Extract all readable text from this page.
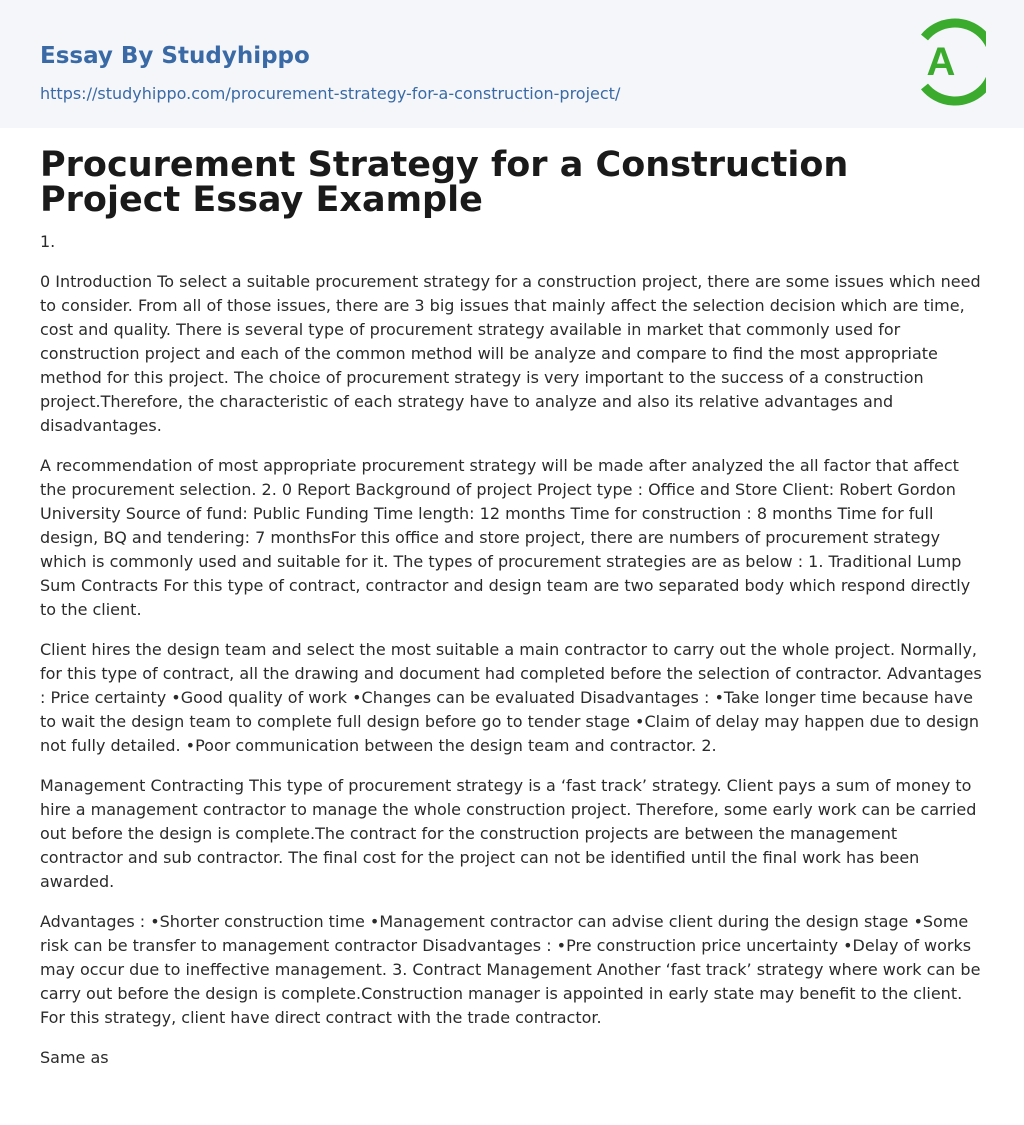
Essay By Studyhippo
https://studyhippo.com/procurement-strategy-for-a-construction-project/
A
Procurement Strategy for a Construction Project Essay Example

1.

0 Introduction To select a suitable procurement strategy for a construction project, there are some issues which need to consider. From all of those issues, there are 3 big issues that mainly affect the selection decision which are time, cost and quality. There is several type of procurement strategy available in market that commonly used for construction project and each of the common method will be analyze and compare to find the most appropriate method for this project. The choice of procurement strategy is very important to the success of a construction project.Therefore, the characteristic of each strategy have to analyze and also its relative advantages and disadvantages.

A recommendation of most appropriate procurement strategy will be made after analyzed the all factor that affect the procurement selection. 2. 0 Report Background of project Project type : Office and Store Client: Robert Gordon University Source of fund: Public Funding Time length: 12 months Time for construction : 8 months Time for full design, BQ and tendering: 7 monthsFor this office and store project, there are numbers of procurement strategy which is commonly used and suitable for it. The types of procurement strategies are as below : 1. Traditional Lump Sum Contracts For this type of contract, contractor and design team are two separated body which respond directly to the client.

Client hires the design team and select the most suitable a main contractor to carry out the whole project. Normally, for this type of contract, all the drawing and document had completed before the selection of contractor. Advantages : Price certainty •Good quality of work •Changes can be evaluated Disadvantages : •Take longer time because have to wait the design team to complete full design before go to tender stage •Claim of delay may happen due to design not fully detailed. •Poor communication between the design team and contractor. 2.

Management Contracting This type of procurement strategy is a ‘fast track’ strategy. Client pays a sum of money to hire a management contractor to manage the whole construction project. Therefore, some early work can be carried out before the design is complete.The contract for the construction projects are between the management contractor and sub contractor. The final cost for the project can not be identified until the final work has been awarded.

Advantages : •Shorter construction time •Management contractor can advise client during the design stage •Some risk can be transfer to management contractor Disadvantages : •Pre construction price uncertainty •Delay of works may occur due to ineffective management. 3. Contract Management Another ‘fast track’ strategy where work can be carry out before the design is complete.Construction manager is appointed in early state may benefit to the client. For this strategy, client have direct contract with the trade contractor.

Same as
